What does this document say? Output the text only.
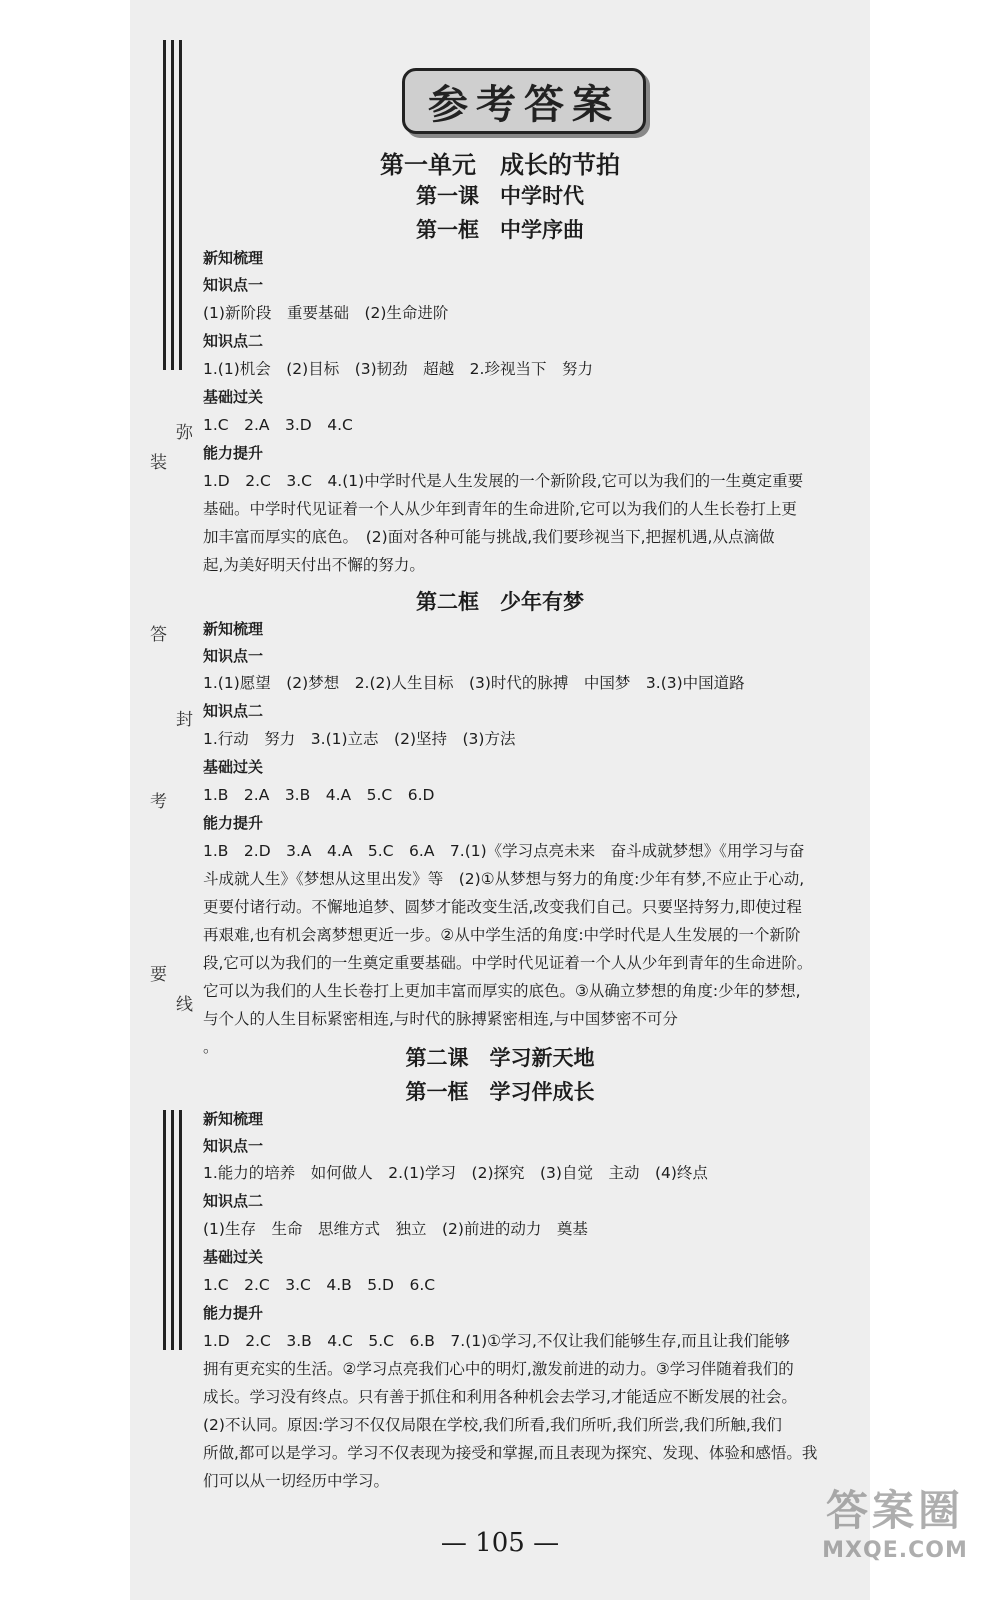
弥
装
答
封
考
要
线
参考答案
第一单元　成长的节拍
第一课　中学时代
第一框　中学序曲
新知梳理
知识点一
(1)新阶段　重要基础　(2)生命进阶
知识点二
1.(1)机会　(2)目标　(3)韧劲　超越　2.珍视当下　努力
基础过关
1.C　2.A　3.D　4.C
能力提升
1.D　2.C　3.C　4.(1)中学时代是人生发展的一个新阶段,它可以为我们的一生奠定重要
基础。中学时代见证着一个人从少年到青年的生命进阶,它可以为我们的人生长卷打上更
加丰富而厚实的底色。　(2)面对各种可能与挑战,我们要珍视当下,把握机遇,从点滴做
起,为美好明天付出不懈的努力。
第二框　少年有梦
新知梳理
知识点一
1.(1)愿望　(2)梦想　2.(2)人生目标　(3)时代的脉搏　中国梦　3.(3)中国道路
知识点二
1.行动　努力　3.(1)立志　(2)坚持　(3)方法
基础过关
1.B　2.A　3.B　4.A　5.C　6.D
能力提升
1.B　2.D　3.A　4.A　5.C　6.A　7.(1)《学习点亮未来　奋斗成就梦想》《用学习与奋
斗成就人生》《梦想从这里出发》等　(2)①从梦想与努力的角度:少年有梦,不应止于心动,
更要付诸行动。不懈地追梦、圆梦才能改变生活,改变我们自己。只要坚持努力,即使过程
再艰难,也有机会离梦想更近一步。②从中学生活的角度:中学时代是人生发展的一个新阶
段,它可以为我们的一生奠定重要基础。中学时代见证着一个人从少年到青年的生命进阶。
它可以为我们的人生长卷打上更加丰富而厚实的底色。③从确立梦想的角度:少年的梦想,
与个人的人生目标紧密相连,与时代的脉搏紧密相连,与中国梦密不可分
。	第二课　学习新天地
第一框　学习伴成长
新知梳理
知识点一
1.能力的培养　如何做人　2.(1)学习　(2)探究　(3)自觉　主动　(4)终点
知识点二
(1)生存　生命　思维方式　独立　(2)前进的动力　奠基
基础过关
1.C　2.C　3.C　4.B　5.D　6.C
能力提升
1.D　2.C　3.B　4.C　5.C　6.B　7.(1)①学习,不仅让我们能够生存,而且让我们能够
拥有更充实的生活。②学习点亮我们心中的明灯,激发前进的动力。③学习伴随着我们的
成长。学习没有终点。只有善于抓住和利用各种机会去学习,才能适应不断发展的社会。
(2)不认同。原因:学习不仅仅局限在学校,我们所看,我们所听,我们所尝,我们所触,我们
所做,都可以是学习。学习不仅表现为接受和掌握,而且表现为探究、发现、体验和感悟。我
们可以从一切经历中学习。
— 105 —
答案圈
MXQE.COM
